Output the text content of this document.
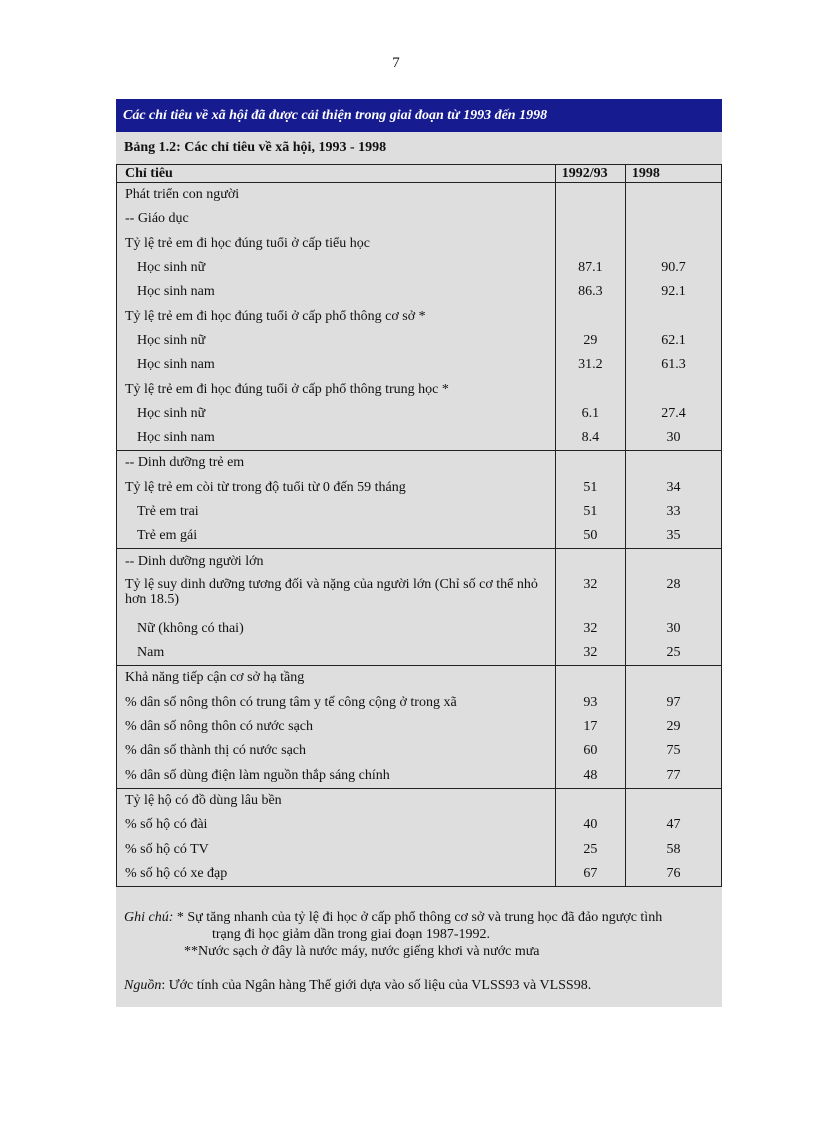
7
Các chỉ tiêu về xã hội đã được cải thiện trong giai đoạn từ 1993 đến 1998
Bảng 1.2: Các chỉ tiêu về xã hội, 1993 - 1998
Chỉ tiêu	1992/93	1998
Phát triển con người		
-- Giáo dục		
Tỷ lệ trẻ em đi học đúng tuổi ở cấp tiểu học		
Học sinh nữ	87.1	90.7
Học sinh nam	86.3	92.1
Tỷ lệ trẻ em đi học đúng tuổi ở cấp phổ thông cơ sở *		
Học sinh nữ	29	62.1
Học sinh nam	31.2	61.3
Tỷ lệ trẻ em đi học đúng tuổi ở cấp phổ thông trung học *		
Học sinh nữ	6.1	27.4
Học sinh nam	8.4	30
-- Dinh dưỡng trẻ em		
Tỷ lệ trẻ em còi từ trong độ tuổi từ 0 đến 59 tháng	51	34
Trẻ em trai	51	33
Trẻ em gái	50	35
-- Dinh dưỡng người lớn		
Tỷ lệ suy dinh dưỡng tương đối và nặng của người lớn (Chỉ số cơ thể nhỏ hơn 18.5)	32	28
Nữ (không có thai)	32	30
Nam	32	25
Khả năng tiếp cận cơ sở hạ tầng		
% dân số nông thôn có trung tâm y tế công cộng ở trong xã	93	97
% dân số nông thôn có nước sạch	17	29
% dân số thành thị có nước sạch	60	75
% dân số dùng điện làm nguồn thắp sáng chính	48	77
Tỷ lệ hộ có đồ dùng lâu bền		
% số hộ có đài	40	47
% số hộ có TV	25	58
% số hộ có xe đạp	67	76
Ghi chú: * Sự tăng nhanh của tỷ lệ đi học ở cấp phổ thông cơ sở và trung học đã đảo ngược tình
trạng đi học giảm dần trong giai đoạn 1987-1992.
**Nước sạch ở đây là nước máy, nước giếng khơi và nước mưa
Nguồn: Ước tính của Ngân hàng Thế giới dựa vào số liệu của VLSS93 và VLSS98.
